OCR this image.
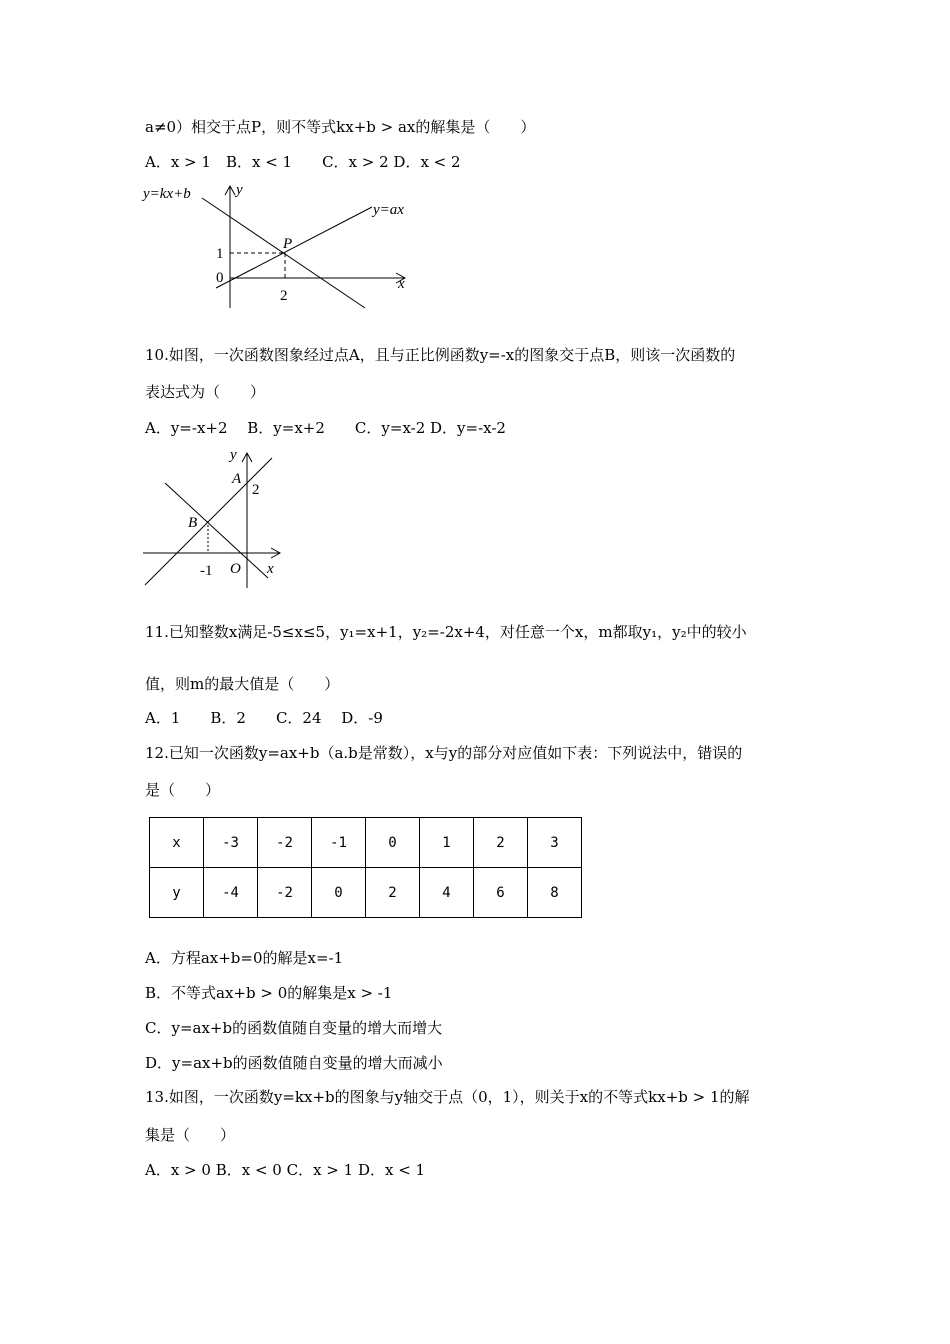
a≠0）相交于点P，则不等式kx+b > ax的解集是（　　）
A．x > 1　B．x < 1　　C．x > 2 D．x < 2
y=kx+b
y=ax
y
x
P
1
0
2
10.如图，一次函数图象经过点A，且与正比例函数y=-x的图象交于点B，则该一次函数的
表达式为（　　）
A．y=-x+2　 B．y=x+2　　C．y=x-2 D．y=-x-2
y
A
2
B
-1 O x
11.已知整数x满足-5≤x≤5，y₁=x+1，y₂=-2x+4，对任意一个x，m都取y₁，y₂中的较小
值，则m的最大值是（　　）
A．1　　B．2　　C．24　 D．-9
12.已知一次函数y=ax+b（a.b是常数），x与y的部分对应值如下表：下列说法中，错误的
是（　　）
x	-3	-2	-1	0	1	2	3
y	-4	-2	0	2	4	6	8
A．方程ax+b=0的解是x=-1
B．不等式ax+b > 0的解集是x > -1
C．y=ax+b的函数值随自变量的增大而增大
D．y=ax+b的函数值随自变量的增大而减小
13.如图，一次函数y=kx+b的图象与y轴交于点（0，1），则关于x的不等式kx+b > 1的解
集是（　　）
A．x > 0 B．x < 0 C．x > 1 D．x < 1
